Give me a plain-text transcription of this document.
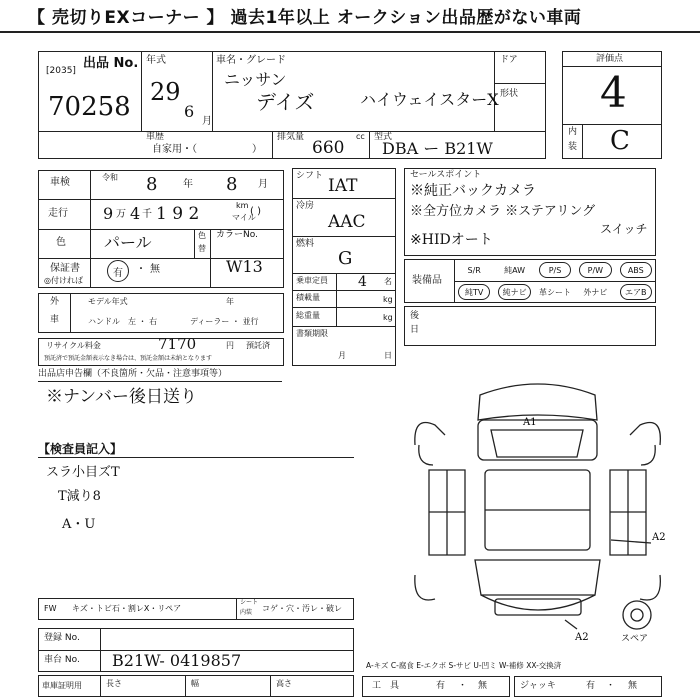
【 売切りEXコーナー 】 過去1年以上 オークション出品歴がない車両
出品 No.
[2035]
70258
年式
29
6
月
車名・グレード
ニッサン
デイズ	ハイウェイスターX
ドア
形状
車歴
自家用・（	）
排気量
660
cc 型式
DBA ー B21W
評価点
4
内
装 C
車検	令和 8	年 8 月
走行 9 万 4 千 1 9 2	km
マイル
( )
色 パール	色
替
カラーNo.
W13
保証書
◎付ければ
有	・ 無
外
車
モデル年式	年
ハンドル　左 ・ 右	ディーラー ・ 並行
リサイクル料金	7170	円 預託済
預託済で預託金額表示なき場合は、預託金額は未納となります
シフト IAT
冷房
AAC
燃料
G
乗車定員 4 名
積載量	kg
総重量	kg
書類期限
月	日
セールスポイント
※純正バックカメラ
※全方位カメラ ※ステアリング
スイッチ
※HIDオート
装備品
S/R	純AW	P/S	P/W	ABS
純TV	純ナビ	革シート	外ナビ	エアB
後
日
出品店申告欄（不良箇所・欠品・注意事項等）
※ナンバー後日送り
【検査員記入】
スラ小目ズT
T減り8
A・U
A1
A2
A2	スペア
FW キズ・トビ石・割レX・リペア
シート
内装 コゲ・穴・汚レ・破レ
登録 No.
車台 No. B21W- 0419857
車庫証明用	長さ	幅	高さ
A-キズ C-腐食 E-エクボ S-サビ U-凹ミ W-補修 XX-交換済
工　具	有 ・ 無	ジャッキ	有 ・ 無
